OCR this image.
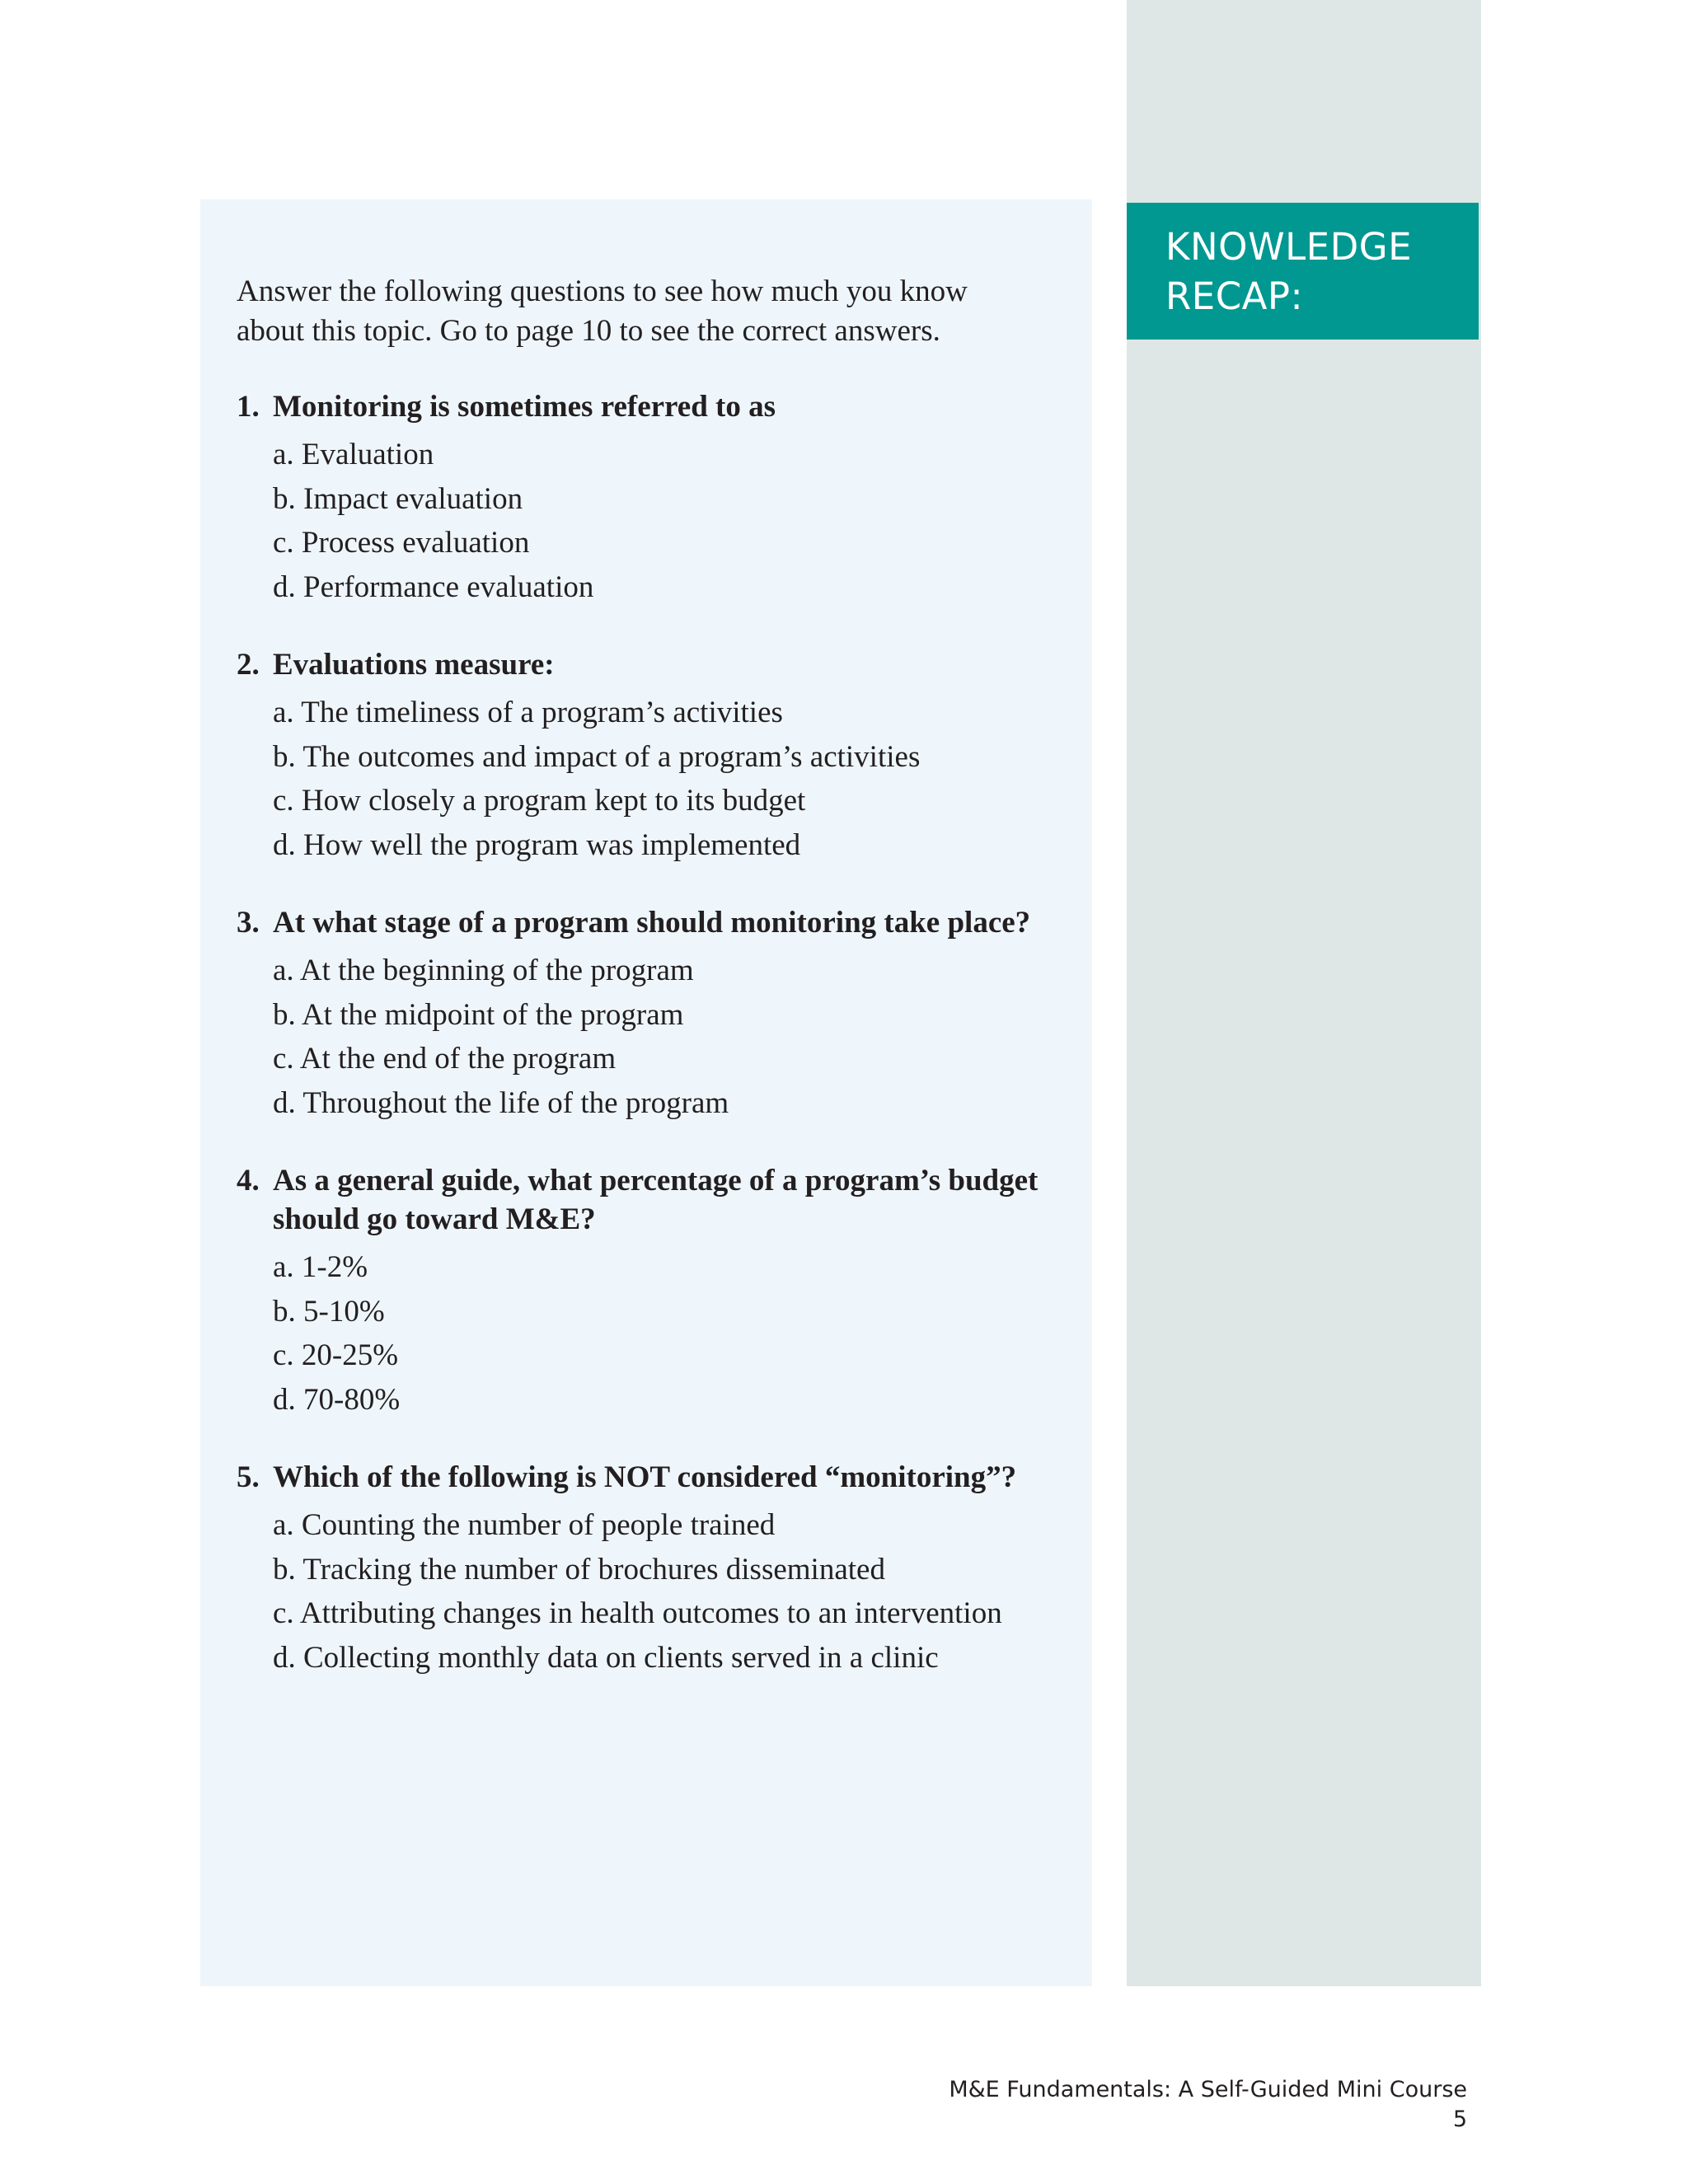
KNOWLEDGE RECAP:

Answer the following questions to see how much you know about this topic. Go to page 10 to see the correct answers.

1. Monitoring is sometimes referred to as

a. Evaluation
b. Impact evaluation
c. Process evaluation
d. Performance evaluation

2. Evaluations measure:

a. The timeliness of a program’s activities
b. The outcomes and impact of a program’s activities
c. How closely a program kept to its budget
d. How well the program was implemented

3. At what stage of a program should monitoring take place?

a. At the beginning of the program
b. At the midpoint of the program
c. At the end of the program
d. Throughout the life of the program

4. As a general guide, what percentage of a program’s budget should go toward M&E?

a. 1-2%
b. 5-10%
c. 20-25%
d. 70-80%

5. Which of the following is NOT considered “monitoring”?

a. Counting the number of people trained
b. Tracking the number of brochures disseminated
c. Attributing changes in health outcomes to an intervention
d. Collecting monthly data on clients served in a clinic
M&E Fundamentals: A Self-Guided Mini Course5
